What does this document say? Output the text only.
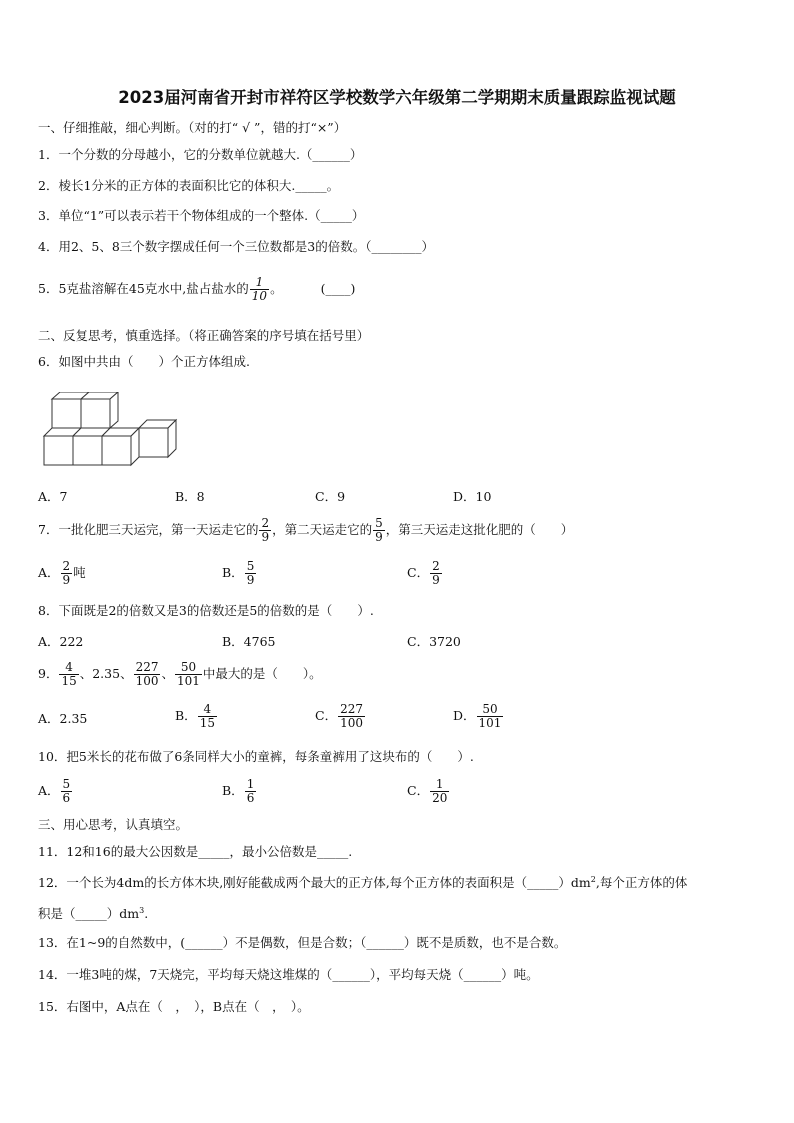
2023届河南省开封市祥符区学校数学六年级第二学期期末质量跟踪监视试题
一、仔细推敲，细心判断。（对的打“ √ ”，错的打“×”）
1．一个分数的分母越小，它的分数单位就越大.（______）
2．棱长1分米的正方体的表面积比它的体积大._____。
3．单位“1”可以表示若干个物体组成的一个整体.（_____）
4．用2、5、8三个数字摆成任何一个三位数都是3的倍数。（________）
5．5克盐溶解在45克水中,盐占盐水的 $\frac{1}{10}$ 。	(____)
二、反复思考，慎重选择。（将正确答案的序号填在括号里）
6．如图中共由（　　）个正方体组成.
A．7	B．8	C．9	D．10
7．一批化肥三天运完，第一天运走它的 $\frac{2}{9}$ ，第二天运走它的 $\frac{5}{9}$ ，第三天运走这批化肥的（　　）
A． $\frac{2}{9}$ 吨	B． $\frac{5}{9}$	C． $\frac{2}{9}$
8．下面既是2的倍数又是3的倍数还是5的倍数的是（　　）.
A．222	B．4765	C．3720
9． $\frac{4}{15}$ 、2.35、 $\frac{227}{100}$ 、 $\frac{50}{101}$ 中最大的是（　　）。
A．2.35	B． $\frac{4}{15}$	C． $\frac{227}{100}$	D． $\frac{50}{101}$
10．把5米长的花布做了6条同样大小的童裤，每条童裤用了这块布的（　　）.
A． $\frac{5}{6}$	B． $\frac{1}{6}$	C． $\frac{1}{20}$
三、用心思考，认真填空。
11．12和16的最大公因数是_____，最小公倍数是_____.
12．一个长为4dm的长方体木块,刚好能截成两个最大的正方体,每个正方体的表面积是$(\_\_\_\_\_)dm^2$,每个正方体的体
积是$(\_\_\_\_\_)dm^3$.
13．在1~9的自然数中，(______）不是偶数，但是合数；（______）既不是质数，也不是合数。
14．一堆3吨的煤，7天烧完，平均每天烧这堆煤的（______），平均每天烧（______）吨。
15．右图中，A点在（　，　），B点在（　，　）。
